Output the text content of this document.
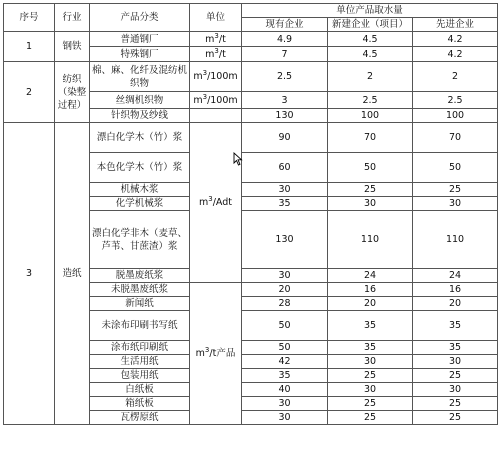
序号	行业	产品分类	单位	单位产品取水量		
				现有企业	新建企业（项目）	先进企业
1	钢铁	普通钢厂	$m^3/t$	4.9	4.5	4.2
		特殊钢厂	$m^3/t$	7	4.5	4.2
2	纺织（染整过程）	棉、麻、化纤及混纺机织物	$m^3/100m$	2.5	2	2
		丝绸机织物	$m^3/100m$	3	2.5	2.5
		针织物及纱线		130	100	100
3	造纸	漂白化学木（竹）浆	$m^3$/Adt	90	70	70
		本色化学木（竹）浆		60	50	50
		机械木浆		30	25	25
		化学机械浆		35	30	30
		漂白化学非木（麦草、芦苇、甘蔗渣）浆		130	110	110
		脱墨废纸浆		30	24	24
		未脱墨废纸浆	$m^3/t$产品	20	16	16
		新闻纸		28	20	20
		未涂布印刷书写纸		50	35	35
		涂布纸印刷纸		50	35	35
		生活用纸		42	30	30
		包装用纸		35	25	25
		白纸板		40	30	30
		箱纸板		30	25	25
		瓦楞原纸		30	25	25
